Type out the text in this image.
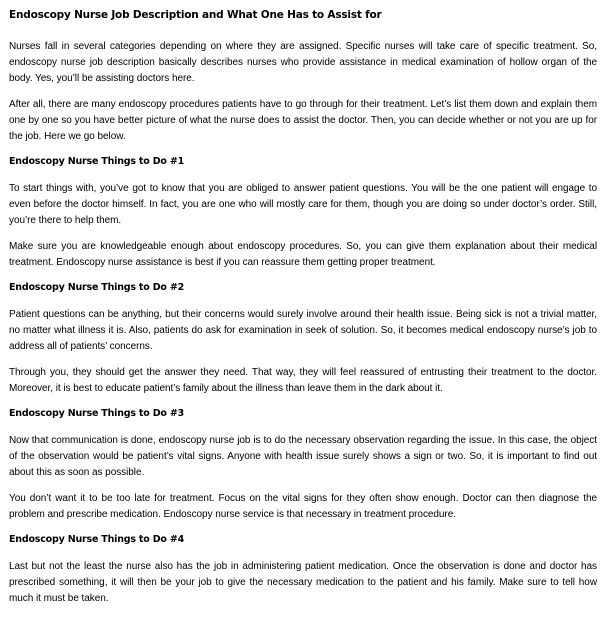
Endoscopy Nurse Job Description and What One Has to Assist for

Nurses fall in several categories depending on where they are assigned. Specific nurses will take care of specific treatment. So, endoscopy nurse job description basically describes nurses who provide assistance in medical examination of hollow organ of the body. Yes, you’ll be assisting doctors here.

After all, there are many endoscopy procedures patients have to go through for their treatment. Let’s list them down and explain them one by one so you have better picture of what the nurse does to assist the doctor. Then, you can decide whether or not you are up for the job. Here we go below.

Endoscopy Nurse Things to Do #1

To start things with, you’ve got to know that you are obliged to answer patient questions. You will be the one patient will engage to even before the doctor himself. In fact, you are one who will mostly care for them, though you are doing so under doctor’s order. Still, you’re there to help them.

Make sure you are knowledgeable enough about endoscopy procedures. So, you can give them explanation about their medical treatment. Endoscopy nurse assistance is best if you can reassure them getting proper treatment.

Endoscopy Nurse Things to Do #2

Patient questions can be anything, but their concerns would surely involve around their health issue. Being sick is not a trivial matter, no matter what illness it is. Also, patients do ask for examination in seek of solution. So, it becomes medical endoscopy nurse’s job to address all of patients’ concerns.

Through you, they should get the answer they need. That way, they will feel reassured of entrusting their treatment to the doctor. Moreover, it is best to educate patient’s family about the illness than leave them in the dark about it.

Endoscopy Nurse Things to Do #3

Now that communication is done, endoscopy nurse job is to do the necessary observation regarding the issue. In this case, the object of the observation would be patient’s vital signs. Anyone with health issue surely shows a sign or two. So, it is important to find out about this as soon as possible.

You don’t want it to be too late for treatment. Focus on the vital signs for they often show enough. Doctor can then diagnose the problem and prescribe medication. Endoscopy nurse service is that necessary in treatment procedure.

Endoscopy Nurse Things to Do #4

Last but not the least the nurse also has the job in administering patient medication. Once the observation is done and doctor has prescribed something, it will then be your job to give the necessary medication to the patient and his family. Make sure to tell how much it must be taken.
